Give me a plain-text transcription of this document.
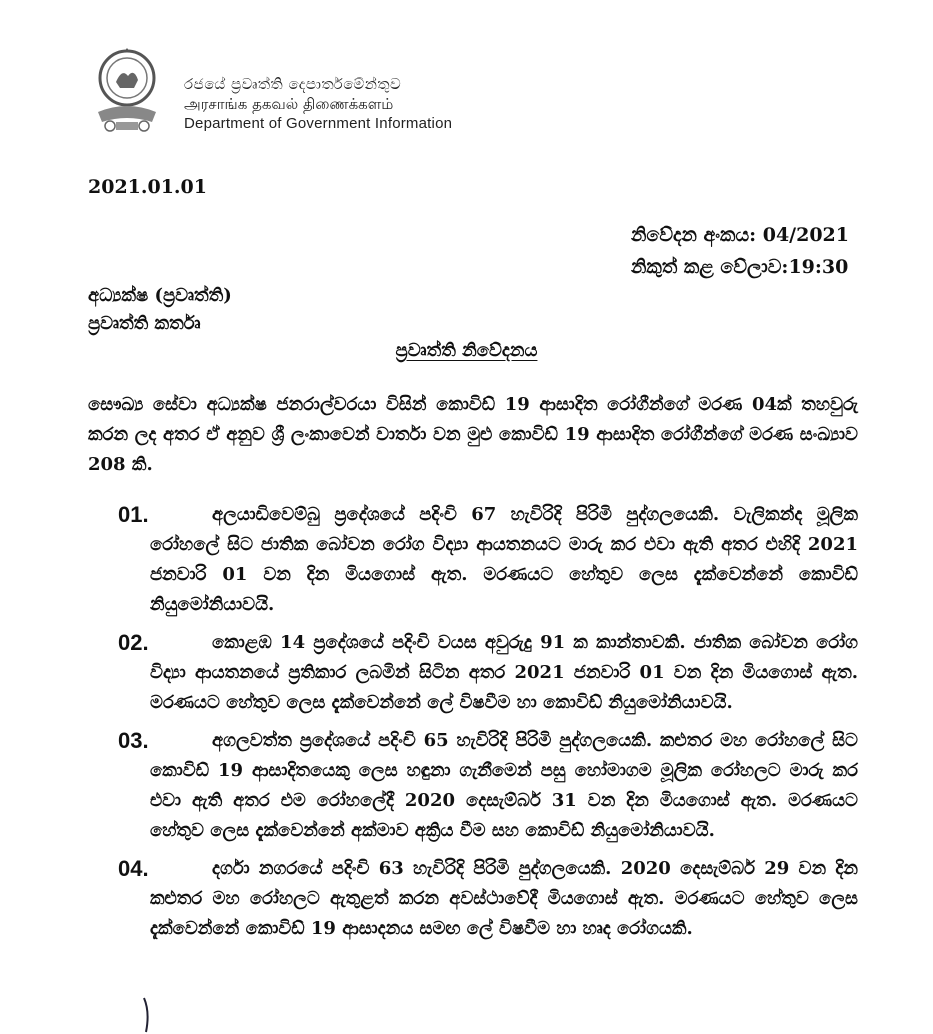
රජයේ ප්‍රවෘත්ති දෙපාර්තමේන්තුව
அரசாங்க தகவல் திணைக்களம்
Department of Government Information
2021.01.01
නිවේදන අංකය: 04/2021
නිකුත් කළ වේලාව:19:30
අධ්‍යක්ෂ (ප්‍රවෘත්ති)
ප්‍රවෘත්ති කර්තෘ
ප්‍රවෘත්ති නිවේදනය
සෞඛ්‍ය සේවා අධ්‍යක්ෂ ජනරාල්වරයා විසින් කොවිඩ් 19 ආසාදිත රෝගීන්ගේ මරණ 04ක් තහවුරු කරන ලද අතර ඒ අනුව ශ්‍රී ලංකාවෙන් වාර්තා වන මුළු කොවිඩ් 19 ආසාදිත රෝගීන්ගේ මරණ සංඛ්‍යාව 208 කි.
01.	අලයාඩිවෙම්බු ප්‍රදේශයේ පදිංචි 67 හැවිරිදි පිරිමි පුද්ගලයෙකි. වැලිකන්ද මූලික රෝහලේ සිට ජාතික බෝවන රෝග විද්‍යා ආයතනයට මාරු කර එවා ඇති අතර එහිදි 2021 ජනවාරි 01 වන දින මියගොස් ඇත. මරණයට හේතුව ලෙස දැක්වෙන්නේ කොවිඩ් නියුමෝනියාවයි.
02.	කොළඹ 14 ප්‍රදේශයේ පදිංචි වයස අවුරුදු 91 ක කාන්තාවකි. ජාතික බෝවන රෝග විද්‍යා ආයතනයේ ප්‍රතිකාර ලබමින් සිටින අතර 2021 ජනවාරි 01 වන දින මියගොස් ඇත. මරණයට හේතුව ලෙස දැක්වෙන්නේ ලේ විෂවීම හා කොවිඩ් නියුමෝනියාවයි.
03.	අගලවත්ත ප්‍රදේශයේ පදිංචි 65 හැවිරිදි පිරිමි පුද්ගලයෙකි. කළුතර මහ රෝහලේ සිට කොවිඩ් 19 ආසාදිතයෙකු ලෙස හඳුනා ගැනීමෙන් පසු හෝමාගම මූලික රෝහලට මාරු කර එවා ඇති අතර එම රෝහලේදී 2020 දෙසැම්බර් 31 වන දින මියගොස් ඇත. මරණයට හේතුව ලෙස දැක්වෙන්නේ අක්මාව අක්‍රිය වීම සහ කොවිඩ් නියුමෝනියාවයි.
04.	දර්ගා නගරයේ පදිංචි 63 හැවිරිදි පිරිමි පුද්ගලයෙකි. 2020 දෙසැම්බර් 29 වන දින කළුතර මහ රෝහලට ඇතුළත් කරන අවස්ථාවේදී මියගොස් ඇත. මරණයට හේතුව ලෙස දැක්වෙන්නේ කොවිඩ් 19 ආසාදනය සමඟ ලේ විෂවීම හා හෘද රෝගයකි.
